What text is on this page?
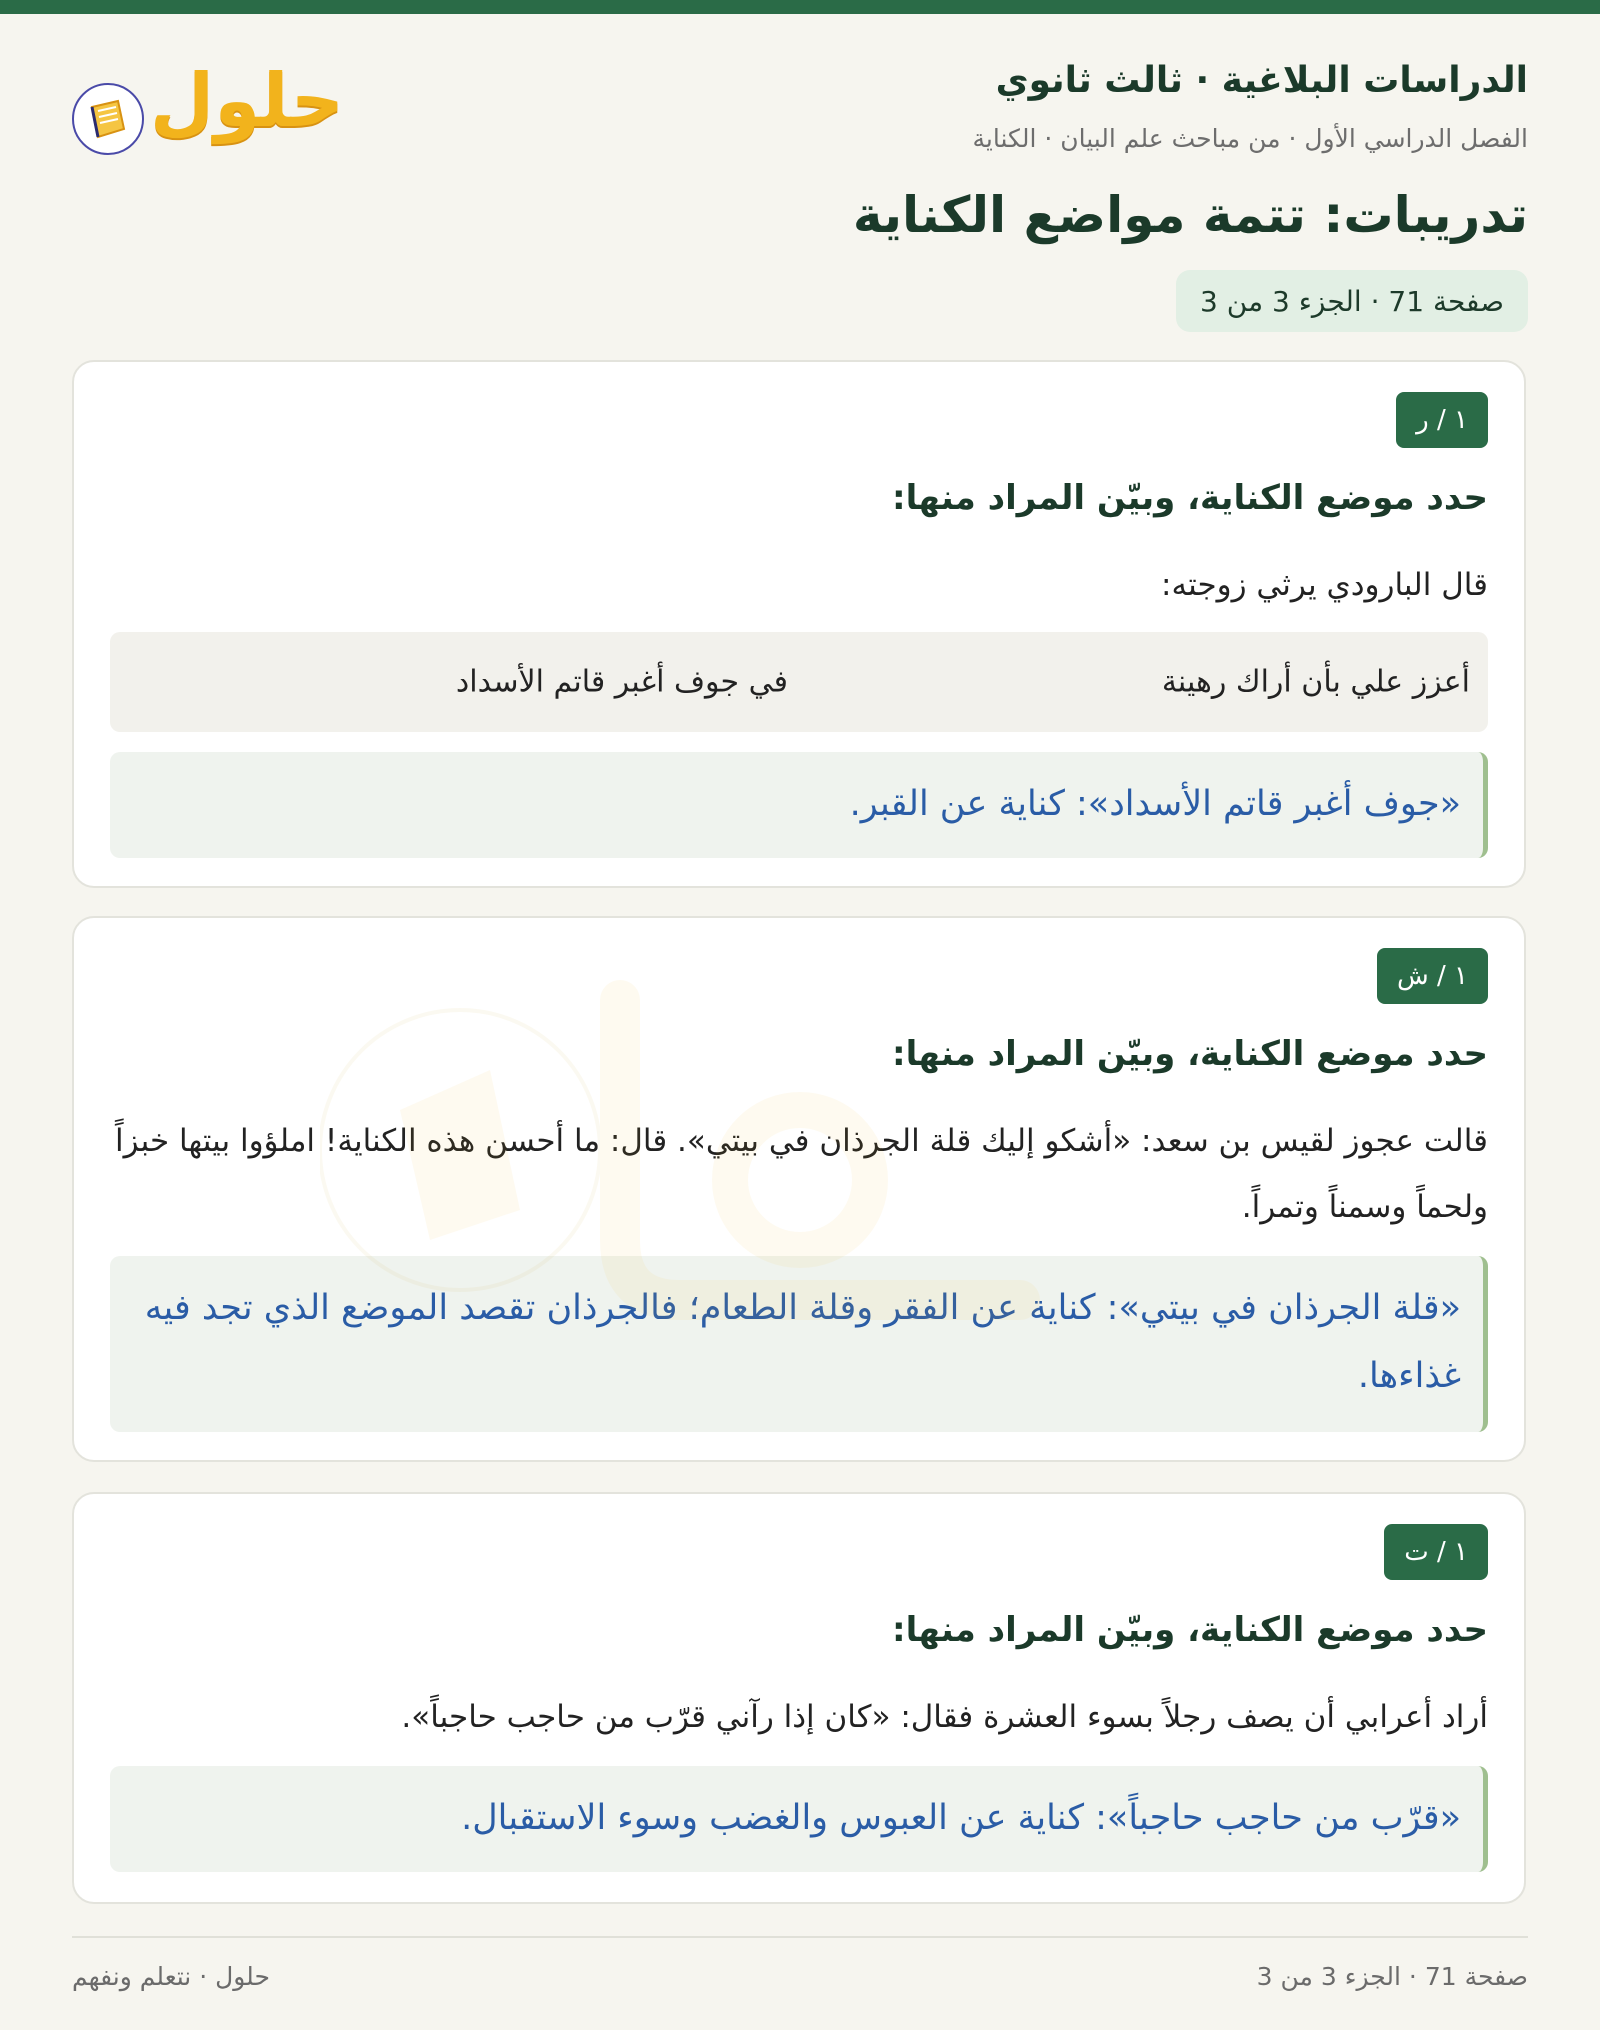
الدراسات البلاغية · ثالث ثانوي
الفصل الدراسي الأول · من مباحث علم البيان · الكناية
حلول
تدريبات: تتمة مواضع الكناية
صفحة 71 · الجزء 3 من 3
١ / ر
حدد موضع الكناية، وبيّن المراد منها:
قال البارودي يرثي زوجته:
أعزز علي بأن أراك رهينة
في جوف أغبر قاتم الأسداد
«جوف أغبر قاتم الأسداد»: كناية عن القبر.
١ / ش
حدد موضع الكناية، وبيّن المراد منها:
قالت عجوز لقيس بن سعد: «أشكو إليك قلة الجرذان في بيتي». قال: ما أحسن هذه الكناية! املؤوا بيتها خبزاً ولحماً وسمناً وتمراً.
«قلة الجرذان في بيتي»: كناية عن الفقر وقلة الطعام؛ فالجرذان تقصد الموضع الذي تجد فيه غذاءها.
١ / ت
حدد موضع الكناية، وبيّن المراد منها:
أراد أعرابي أن يصف رجلاً بسوء العشرة فقال: «كان إذا رآني قرّب من حاجب حاجباً».
«قرّب من حاجب حاجباً»: كناية عن العبوس والغضب وسوء الاستقبال.
صفحة 71 · الجزء 3 من 3
حلول · نتعلم ونفهم
